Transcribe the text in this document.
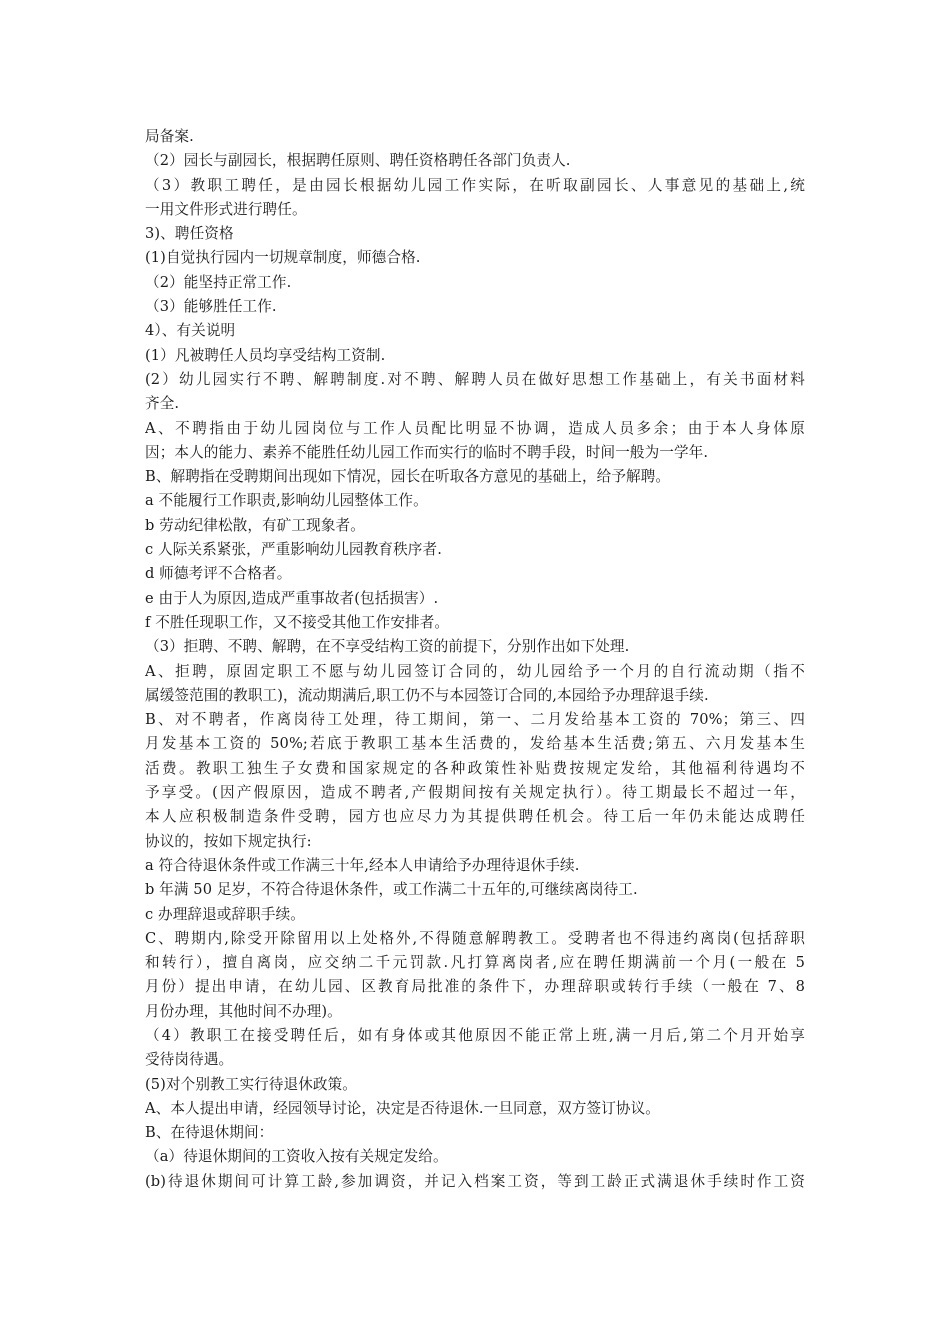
局备案.
（2）园长与副园长，根据聘任原则、聘任资格聘任各部门负责人.
（3）教职工聘任，是由园长根据幼儿园工作实际，在听取副园长、人事意见的基础上,统
一用文件形式进行聘任。
3)、聘任资格
(1)自觉执行园内一切规章制度，师德合格.
（2）能坚持正常工作.
（3）能够胜任工作.
4）、有关说明
(1）凡被聘任人员均享受结构工资制.
(2）幼儿园实行不聘、解聘制度.对不聘、解聘人员在做好思想工作基础上，有关书面材料
齐全.
A、不聘指由于幼儿园岗位与工作人员配比明显不协调，造成人员多余；由于本人身体原
因；本人的能力、素养不能胜任幼儿园工作而实行的临时不聘手段，时间一般为一学年.
B、解聘指在受聘期间出现如下情况，园长在听取各方意见的基础上，给予解聘。
a 不能履行工作职责,影响幼儿园整体工作。
b 劳动纪律松散，有矿工现象者。
c 人际关系紧张，严重影响幼儿园教育秩序者.
d 师德考评不合格者。
e 由于人为原因,造成严重事故者(包括损害）.
f 不胜任现职工作，又不接受其他工作安排者。
（3）拒聘、不聘、解聘，在不享受结构工资的前提下，分别作出如下处理.
A、拒聘，原固定职工不愿与幼儿园签订合同的，幼儿园给予一个月的自行流动期（指不
属缓签范围的教职工)，流动期满后,职工仍不与本园签订合同的,本园给予办理辞退手续.
B、对不聘者，作离岗待工处理，待工期间，第一、二月发给基本工资的 70%；第三、四
月发基本工资的 50%;若底于教职工基本生活费的，发给基本生活费;第五、六月发基本生
活费。教职工独生子女费和国家规定的各种政策性补贴费按规定发给，其他福利待遇均不
予享受。(因产假原因，造成不聘者,产假期间按有关规定执行）。待工期最长不超过一年，
本人应积极制造条件受聘，园方也应尽力为其提供聘任机会。待工后一年仍未能达成聘任
协议的，按如下规定执行:
a 符合待退休条件或工作满三十年,经本人申请给予办理待退休手续.
b 年满 50 足岁，不符合待退休条件，或工作满二十五年的,可继续离岗待工.
c 办理辞退或辞职手续。
C、聘期内,除受开除留用以上处格外,不得随意解聘教工。受聘者也不得违约离岗(包括辞职
和转行），擅自离岗，应交纳二千元罚款.凡打算离岗者,应在聘任期满前一个月(一般在 5
月份）提出申请，在幼儿园、区教育局批准的条件下，办理辞职或转行手续（一般在 7、8
月份办理，其他时间不办理)。
（4）教职工在接受聘任后，如有身体或其他原因不能正常上班,满一月后,第二个月开始享
受待岗待遇。
(5)对个别教工实行待退休政策。
A、本人提出申请，经园领导讨论，决定是否待退休.一旦同意，双方签订协议。
B、在待退休期间：
（a）待退休期间的工资收入按有关规定发给。
(b)待退休期间可计算工龄,参加调资，并记入档案工资，等到工龄正式满退休手续时作工资
